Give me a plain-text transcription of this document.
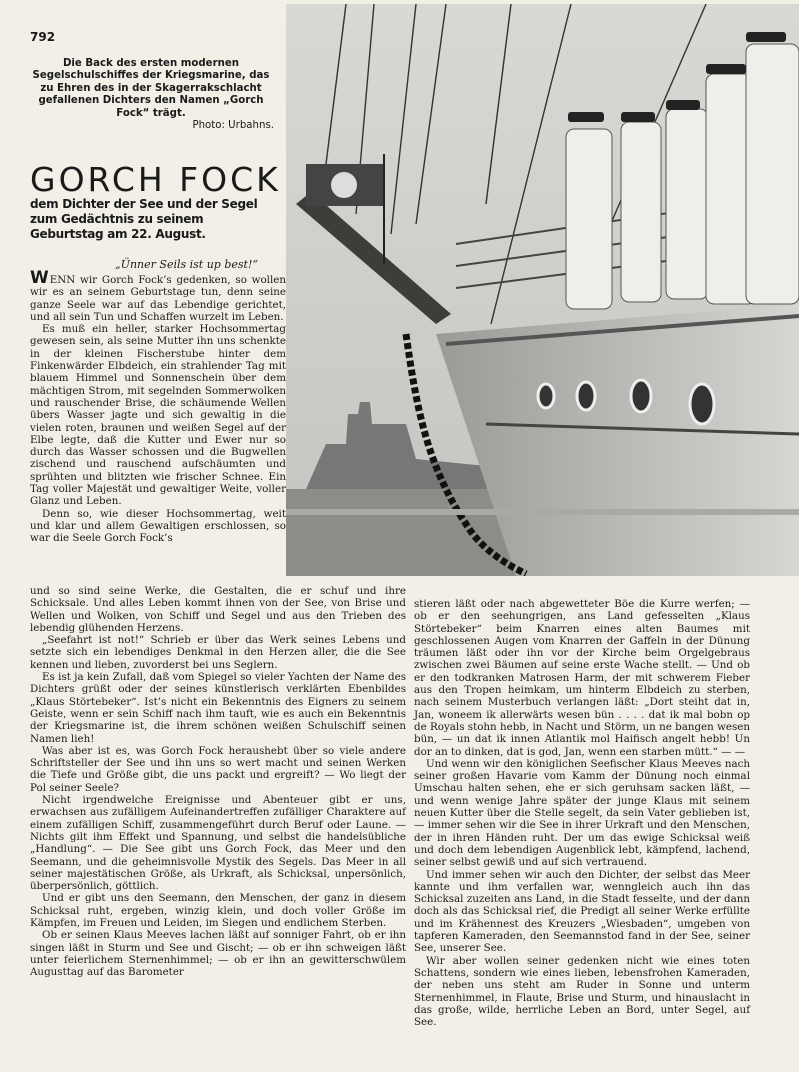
792
Die Back des ersten modernen Segelschulschiffes der Kriegsmarine, das zu Ehren des in der Skagerrakschlacht gefallenen Dichters den Namen „Gorch Fock“ trägt.
Photo: Urbahns.
GORCH FOCK
dem Dichter der See und der Segel zum Gedächtnis zu seinem Geburtstag am 22. August.
„Ünner Seils ist up best!“

WENN wir Gorch Fock’s gedenken, so wollen wir es an seinem Geburtstage tun, denn seine ganze Seele war auf das Lebendige gerichtet, und all sein Tun und Schaffen wurzelt im Leben.

Es muß ein heller, starker Hochsommertag gewesen sein, als seine Mutter ihn uns schenkte in der kleinen Fischerstube hinter dem Finkenwärder Elbdeich, ein strahlender Tag mit blauem Himmel und Sonnenschein über dem mächtigen Strom, mit segelnden Sommerwolken und rauschender Brise, die schäumende Wellen übers Wasser jagte und sich gewaltig in die vielen roten, braunen und weißen Segel auf der Elbe legte, daß die Kutter und Ewer nur so durch das Wasser schossen und die Bugwellen zischend und rauschend aufschäumten und sprühten und blitzten wie frischer Schnee. Ein Tag voller Majestät und gewaltiger Weite, voller Glanz und Leben.

Denn so, wie dieser Hochsommertag, weit und klar und allem Gewaltigen erschlossen, so war die Seele Gorch Fock’s

und so sind seine Werke, die Gestalten, die er schuf und ihre Schicksale. Und alles Leben kommt ihnen von der See, von Brise und Wellen und Wolken, von Schiff und Segel und aus den Trieben des lebendig glühenden Herzens.

„Seefahrt ist not!“ Schrieb er über das Werk seines Lebens und setzte sich ein lebendiges Denkmal in den Herzen aller, die die See kennen und lieben, zuvorderst bei uns Seglern.

Es ist ja kein Zufall, daß vom Spiegel so vieler Yachten der Name des Dichters grüßt oder der seines künstlerisch verklärten Ebenbildes „Klaus Störtebeker“. Ist’s nicht ein Bekenntnis des Eigners zu seinem Geiste, wenn er sein Schiff nach ihm tauft, wie es auch ein Bekenntnis der Kriegsmarine ist, die ihrem schönen weißen Schulschiff seinen Namen lieh!

Was aber ist es, was Gorch Fock heraushebt über so viele andere Schriftsteller der See und ihn uns so wert macht und seinen Werken die Tiefe und Größe gibt, die uns packt und ergreift? — Wo liegt der Pol seiner Seele?

Nicht irgendwelche Ereignisse und Abenteuer gibt er uns, erwachsen aus zufälligem Aufeinandertreffen zufälliger Charaktere auf einem zufälligen Schiff, zusammengeführt durch Beruf oder Laune. — Nichts gilt ihm Effekt und Spannung, und selbst die handelsübliche „Handlung“. — Die See gibt uns Gorch Fock, das Meer und den Seemann, und die geheimnisvolle Mystik des Segels. Das Meer in all seiner majestätischen Größe, als Urkraft, als Schicksal, unpersönlich, überpersönlich, göttlich.

Und er gibt uns den Seemann, den Menschen, der ganz in diesem Schicksal ruht, ergeben, winzig klein, und doch voller Größe im Kämpfen, im Freuen und Leiden, im Siegen und endlichem Sterben.

Ob er seinen Klaus Meeves lachen läßt auf sonniger Fahrt, ob er ihn singen läßt in Sturm und See und Gischt; — ob er ihn schweigen läßt unter feierlichem Sternenhimmel; — ob er ihn an gewitterschwülem Augusttag auf das Barometer

stieren läßt oder nach abgewetteter Böe die Kurre werfen; — ob er den seehungrigen, ans Land gefesselten „Klaus Störtebeker“ beim Knarren eines alten Baumes mit geschlossenen Augen vom Knarren der Gaffeln in der Dünung träumen läßt oder ihn vor der Kirche beim Orgelgebraus zwischen zwei Bäumen auf seine erste Wache stellt. — Und ob er den todkranken Matrosen Harm, der mit schwerem Fieber aus den Tropen heimkam, um hinterm Elbdeich zu sterben, nach seinem Musterbuch verlangen läßt: „Dort steiht dat in, Jan, woneem ik allerwärts wesen bün . . . . dat ik mal bobn op de Royals stohn hebb, in Nacht und Störm, un ne bangen wesen bün, — un dat ik innen Atlantik mol Haifisch angelt hebb! Un dor an to dinken, dat is god, Jan, wenn een starben mütt.“ — —

Und wenn wir den königlichen Seefischer Klaus Meeves nach seiner großen Havarie vom Kamm der Dünung noch einmal Umschau halten sehen, ehe er sich geruhsam sacken läßt, — und wenn wenige Jahre später der junge Klaus mit seinem neuen Kutter über die Stelle segelt, da sein Vater geblieben ist, — immer sehen wir die See in ihrer Urkraft und den Menschen, der in ihren Händen ruht. Der um das ewige Schicksal weiß und doch dem lebendigen Augenblick lebt, kämpfend, lachend, seiner selbst gewiß und auf sich vertrauend.

Und immer sehen wir auch den Dichter, der selbst das Meer kannte und ihm verfallen war, wenngleich auch ihn das Schicksal zuzeiten ans Land, in die Stadt fesselte, und der dann doch als das Schicksal rief, die Predigt all seiner Werke erfüllte und im Krähennest des Kreuzers „Wiesbaden“, umgeben von tapferen Kameraden, den Seemannstod fand in der See, seiner See, unserer See.

Wir aber wollen seiner gedenken nicht wie eines toten Schattens, sondern wie eines lieben, lebensfrohen Kameraden, der neben uns steht am Ruder in Sonne und unterm Sternenhimmel, in Flaute, Brise und Sturm, und hinauslacht in das große, wilde, herrliche Leben an Bord, unter Segel, auf See.
